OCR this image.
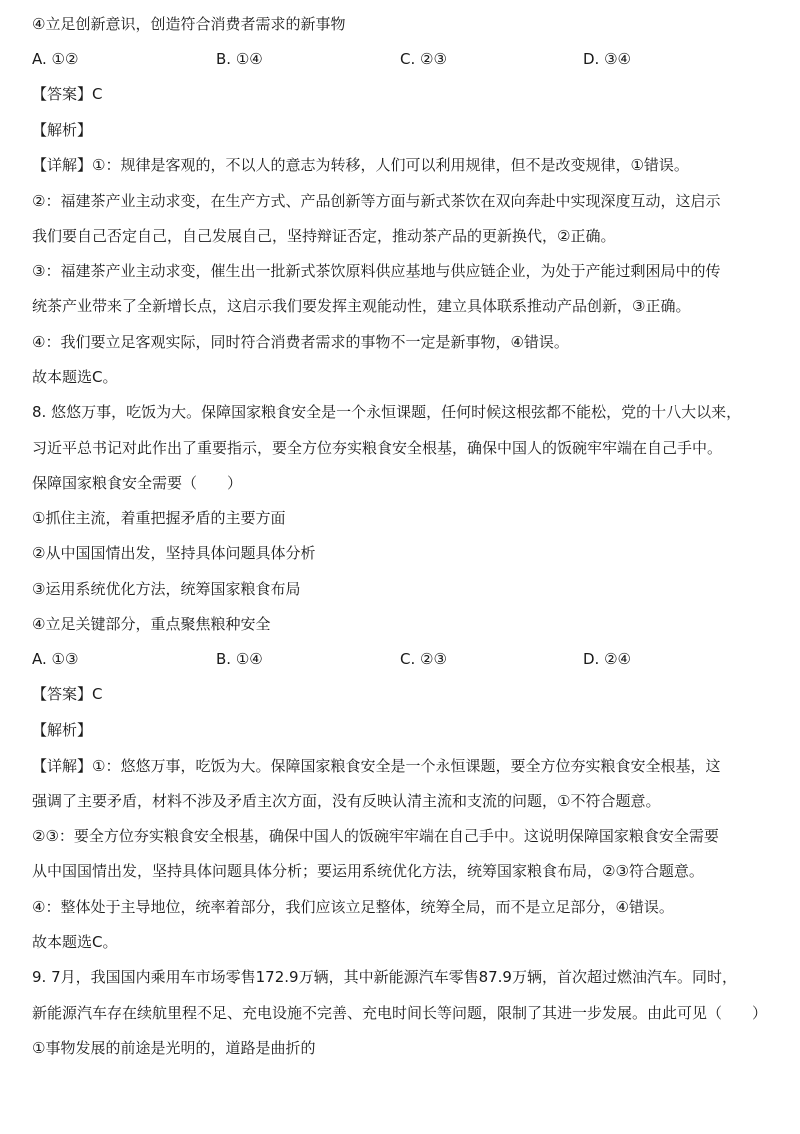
④立足创新意识，创造符合消费者需求的新事物
A. ①②	B. ①④	C. ②③	D. ③④
【答案】C
【解析】
【详解】①：规律是客观的，不以人的意志为转移，人们可以利用规律，但不是改变规律，①错误。
②：福建茶产业主动求变，在生产方式、产品创新等方面与新式茶饮在双向奔赴中实现深度互动，这启示
我们要自己否定自己，自己发展自己，坚持辩证否定，推动茶产品的更新换代，②正确。
③：福建茶产业主动求变，催生出一批新式茶饮原料供应基地与供应链企业，为处于产能过剩困局中的传
统茶产业带来了全新增长点，这启示我们要发挥主观能动性，建立具体联系推动产品创新，③正确。
④：我们要立足客观实际，同时符合消费者需求的事物不一定是新事物，④错误。
故本题选C。
8. 悠悠万事，吃饭为大。保障国家粮食安全是一个永恒课题，任何时候这根弦都不能松，党的十八大以来，
习近平总书记对此作出了重要指示，要全方位夯实粮食安全根基，确保中国人的饭碗牢牢端在自己手中。
保障国家粮食安全需要（　　）
①抓住主流，着重把握矛盾的主要方面
②从中国国情出发，坚持具体问题具体分析
③运用系统优化方法，统筹国家粮食布局
④立足关键部分，重点聚焦粮种安全
A. ①③	B. ①④	C. ②③	D. ②④
【答案】C
【解析】
【详解】①：悠悠万事，吃饭为大。保障国家粮食安全是一个永恒课题，要全方位夯实粮食安全根基，这
强调了主要矛盾，材料不涉及矛盾主次方面，没有反映认清主流和支流的问题，①不符合题意。
②③：要全方位夯实粮食安全根基，确保中国人的饭碗牢牢端在自己手中。这说明保障国家粮食安全需要
从中国国情出发，坚持具体问题具体分析；要运用系统优化方法，统筹国家粮食布局，②③符合题意。
④：整体处于主导地位，统率着部分，我们应该立足整体，统筹全局，而不是立足部分，④错误。
故本题选C。
9. 7月，我国国内乘用车市场零售172.9万辆，其中新能源汽车零售87.9万辆，首次超过燃油汽车。同时，
新能源汽车存在续航里程不足、充电设施不完善、充电时间长等问题，限制了其进一步发展。由此可见（　　）
①事物发展的前途是光明的，道路是曲折的
